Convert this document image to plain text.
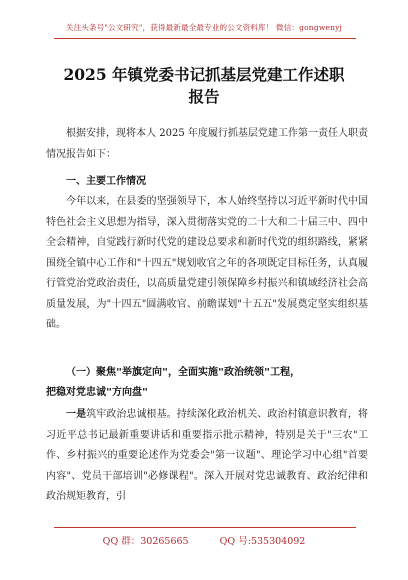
关注头条号"公文研究"，获得最新最全最专业的公文资料库！ 微信：gongwenyj
2025 年镇党委书记抓基层党建工作述职
报告
根据安排，现将本人 2025 年度履行抓基层党建工作第一责任人职责情况报告如下：
一、主要工作情况
今年以来，在县委的坚强领导下，本人始终坚持以习近平新时代中国特色社会主义思想为指导，深入贯彻落实党的二十大和二十届三中、四中全会精神，自觉践行新时代党的建设总要求和新时代党的组织路线，紧紧围绕全镇中心工作和"十四五"规划收官之年的各项既定目标任务，认真履行管党治党政治责任，以高质量党建引领保障乡村振兴和镇域经济社会高质量发展，为"十四五"圆满收官、前瞻谋划"十五五"发展奠定坚实组织基础。
（一）聚焦"举旗定向"，全面实施"政治统领"工程，
把稳对党忠诚"方向盘"
一是筑牢政治忠诚根基。持续深化政治机关、政治村镇意识教育，将习近平总书记最新重要讲话和重要指示批示精神，特别是关于"三农"工作、乡村振兴的重要论述作为党委会"第一议题"、理论学习中心组"首要内容"、党员干部培训"必修课程"。深入开展对党忠诚教育、政治纪律和政治规矩教育，引
QQ 群：30265665	QQ 号:535304092
